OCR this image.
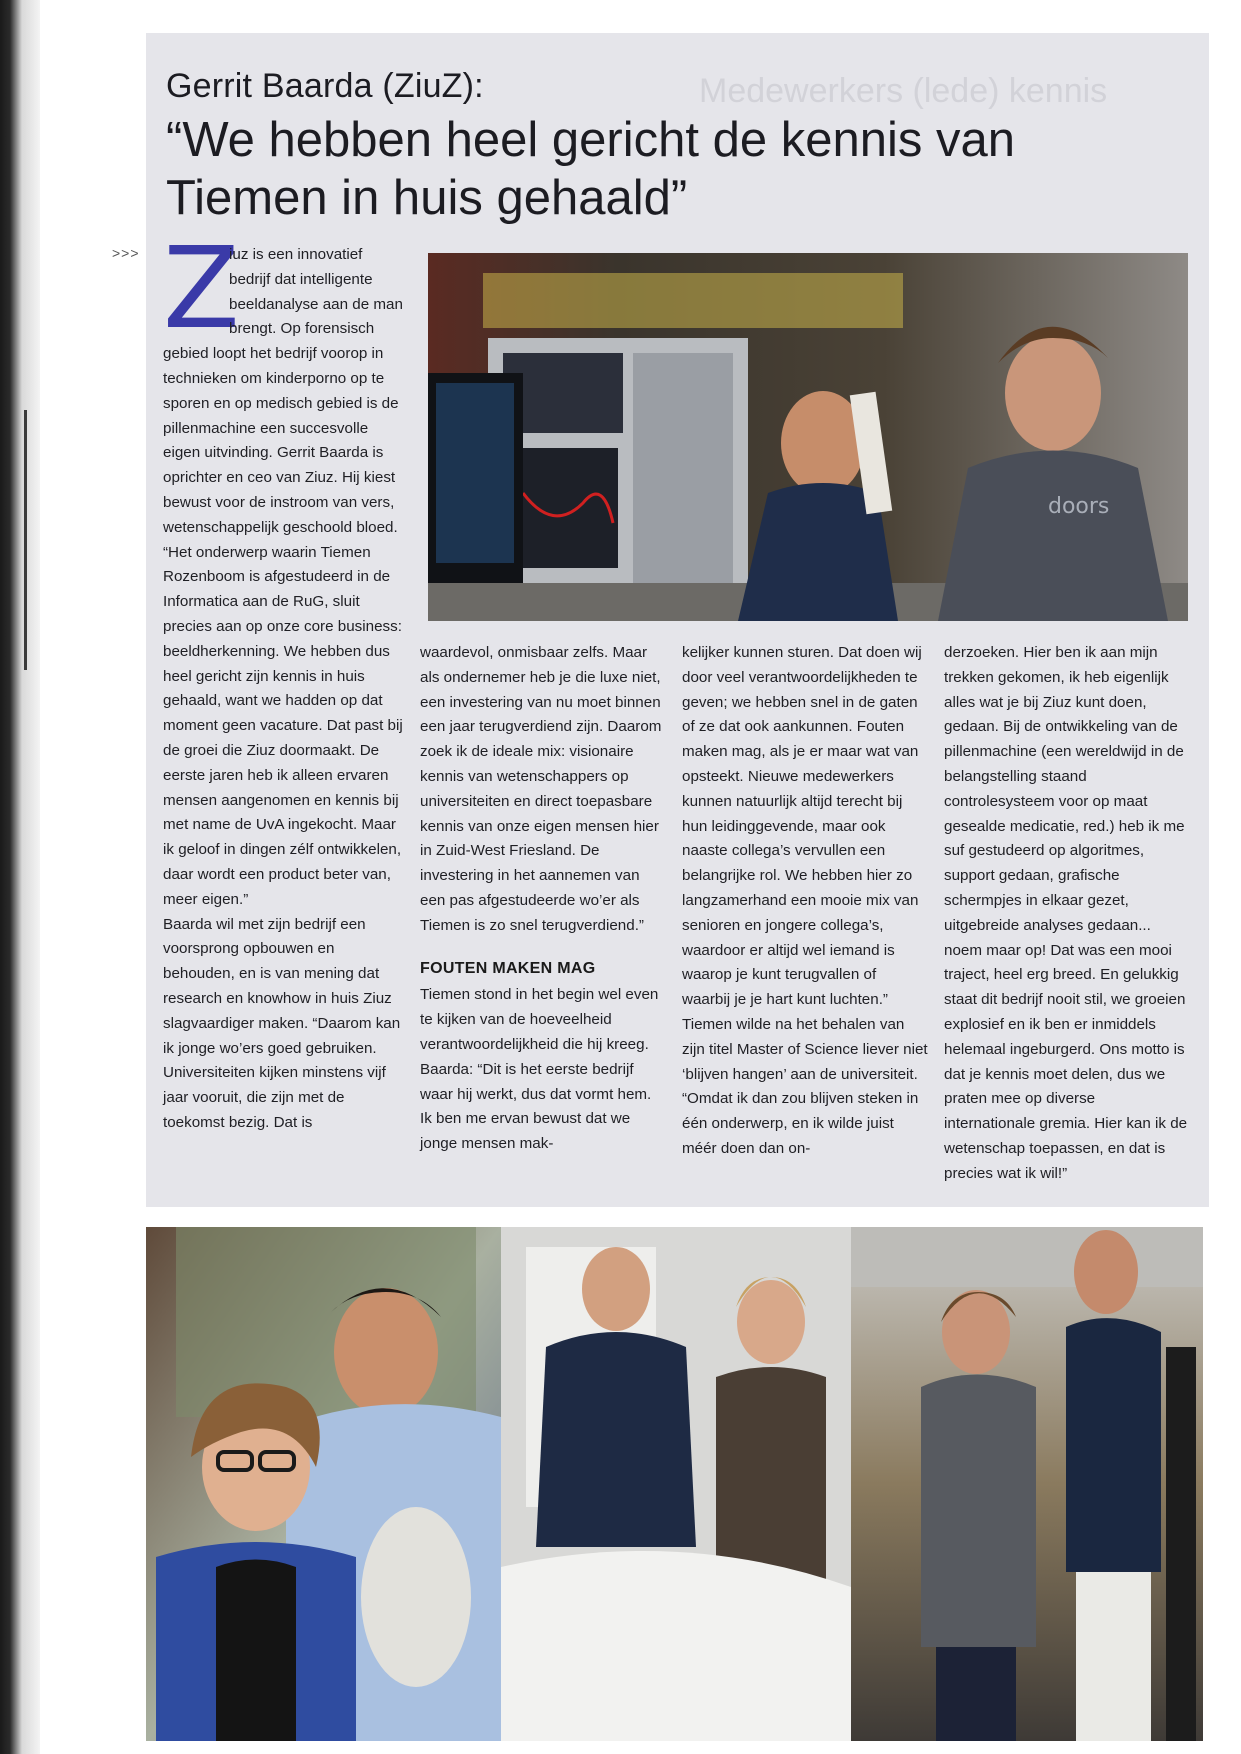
Medewerkers (lede) kennis
Gerrit Baarda (ZiuZ):
“We hebben heel gericht de kennis van Tiemen in huis gehaald”
>>> Z

iuz is een innovatief bedrijf dat intelligente beeldanalyse aan de man brengt. Op forensisch gebied loopt het bedrijf voorop in technieken om kinderporno op te sporen en op medisch gebied is de pillenmachine een succesvolle eigen uitvinding. Gerrit Baarda is oprichter en ceo van Ziuz. Hij kiest bewust voor de instroom van vers, wetenschappelijk geschoold bloed. “Het onderwerp waarin Tiemen Rozenboom is afgestudeerd in de Informatica aan de RuG, sluit precies aan op onze core business: beeldherkenning. We hebben dus heel gericht zijn kennis in huis gehaald, want we hadden op dat moment geen vacature. Dat past bij de groei die Ziuz doormaakt. De eerste jaren heb ik alleen ervaren mensen aangenomen en kennis bij met name de UvA ingekocht. Maar ik geloof in dingen zélf ontwikkelen, daar wordt een product beter van, meer eigen.”

Baarda wil met zijn bedrijf een voorsprong opbouwen en behouden, en is van mening dat research en knowhow in huis Ziuz slagvaardiger maken. “Daarom kan ik jonge wo’ers goed gebruiken. Universiteiten kijken minstens vijf jaar vooruit, die zijn met de toekomst bezig. Dat is

doors

waardevol, onmisbaar zelfs. Maar als ondernemer heb je die luxe niet, een investering van nu moet binnen een jaar terugverdiend zijn. Daarom zoek ik de ideale mix: visionaire kennis van wetenschappers op universiteiten en direct toepasbare kennis van onze eigen mensen hier in Zuid-West Friesland. De investering in het aannemen van een pas afgestudeerde wo’er als Tiemen is zo snel terugverdiend.”

FOUTEN MAKEN MAG

Tiemen stond in het begin wel even te kijken van de hoeveelheid verantwoordelijkheid die hij kreeg. Baarda: “Dit is het eerste bedrijf waar hij werkt, dus dat vormt hem. Ik ben me ervan bewust dat we jonge mensen mak-

kelijker kunnen sturen. Dat doen wij door veel verantwoordelijkheden te geven; we hebben snel in de gaten of ze dat ook aankunnen. Fouten maken mag, als je er maar wat van opsteekt. Nieuwe medewerkers kunnen natuurlijk altijd terecht bij hun leidinggevende, maar ook naaste collega’s vervullen een belangrijke rol. We hebben hier zo langzamerhand een mooie mix van senioren en jongere collega’s, waardoor er altijd wel iemand is waarop je kunt terugvallen of waarbij je je hart kunt luchten.”

Tiemen wilde na het behalen van zijn titel Master of Science liever niet ‘blijven hangen’ aan de universiteit. “Omdat ik dan zou blijven steken in één onderwerp, en ik wilde juist méér doen dan on-

derzoeken. Hier ben ik aan mijn trekken gekomen, ik heb eigenlijk alles wat je bij Ziuz kunt doen, gedaan. Bij de ontwikkeling van de pillenmachine (een wereldwijd in de belangstelling staand controlesysteem voor op maat gesealde medicatie, red.) heb ik me suf gestudeerd op algoritmes, support gedaan, grafische schermpjes in elkaar gezet, uitgebreide analyses gedaan... noem maar op! Dat was een mooi traject, heel erg breed. En gelukkig staat dit bedrijf nooit stil, we groeien explosief en ik ben er inmiddels helemaal ingeburgerd. Ons motto is dat je kennis moet delen, dus we praten mee op diverse internationale gremia. Hier kan ik de wetenschap toepassen, en dat is precies wat ik wil!”
